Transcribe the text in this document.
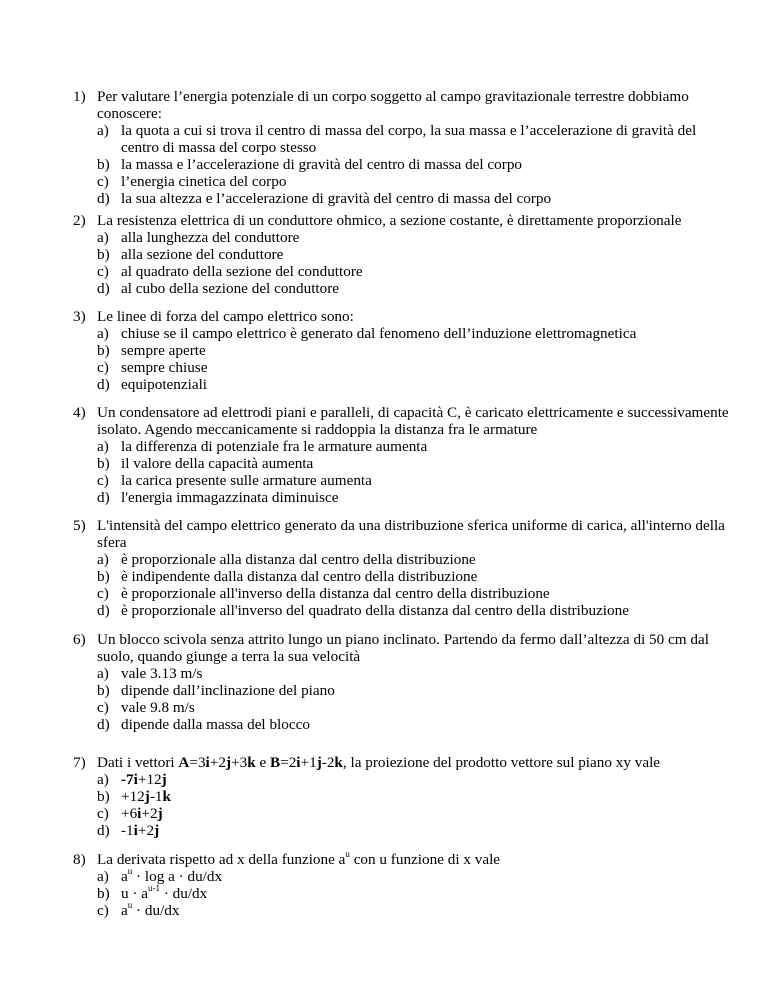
1) Per valutare l’energia potenziale di un corpo soggetto al campo gravitazionale terrestre dobbiamo conoscere:
a) la quota a cui si trova il centro di massa del corpo, la sua massa e l’accelerazione di gravità del centro di massa del corpo stesso
b) la massa e l’accelerazione di gravità del centro di massa del corpo
c) l’energia cinetica del corpo
d) la sua altezza e l’accelerazione di gravità del centro di massa del corpo
2) La resistenza elettrica di un conduttore ohmico, a sezione costante, è direttamente proporzionale
a) alla lunghezza del conduttore
b) alla sezione del conduttore
c) al quadrato della sezione del conduttore
d) al cubo della sezione del conduttore
3) Le linee di forza del campo elettrico sono:
a) chiuse se il campo elettrico è generato dal fenomeno dell’induzione elettromagnetica
b) sempre aperte
c) sempre chiuse
d) equipotenziali
4) Un condensatore ad elettrodi piani e paralleli, di capacità C, è caricato elettricamente e successivamente isolato. Agendo meccanicamente si raddoppia la distanza fra le armature
a) la differenza di potenziale fra le armature aumenta
b) il valore della capacità aumenta
c) la carica presente sulle armature aumenta
d) l'energia immagazzinata diminuisce
5) L'intensità del campo elettrico generato da una distribuzione sferica uniforme di carica, all'interno della sfera
a) è proporzionale alla distanza dal centro della distribuzione
b) è indipendente dalla distanza dal centro della distribuzione
c) è proporzionale all'inverso della distanza dal centro della distribuzione
d) è proporzionale all'inverso del quadrato della distanza dal centro della distribuzione
6) Un blocco scivola senza attrito lungo un piano inclinato. Partendo da fermo dall’altezza di 50 cm dal suolo, quando giunge a terra la sua velocità
a) vale 3.13 m/s
b) dipende dall’inclinazione del piano
c) vale 9.8 m/s
d) dipende dalla massa del blocco
7) Dati i vettori A=3i+2j+3k e B=2i+1j-2k, la proiezione del prodotto vettore sul piano xy vale
a) -7i+12j
b) +12j-1k
c) +6i+2j
d) -1i+2j
8) La derivata rispetto ad x della funzione $a^u$ con u funzione di x vale
a) $a^u \cdot \log a \cdot du/dx$
b) $u \cdot a^{u-1} \cdot du/dx$
c) $a^u \cdot du/dx$
